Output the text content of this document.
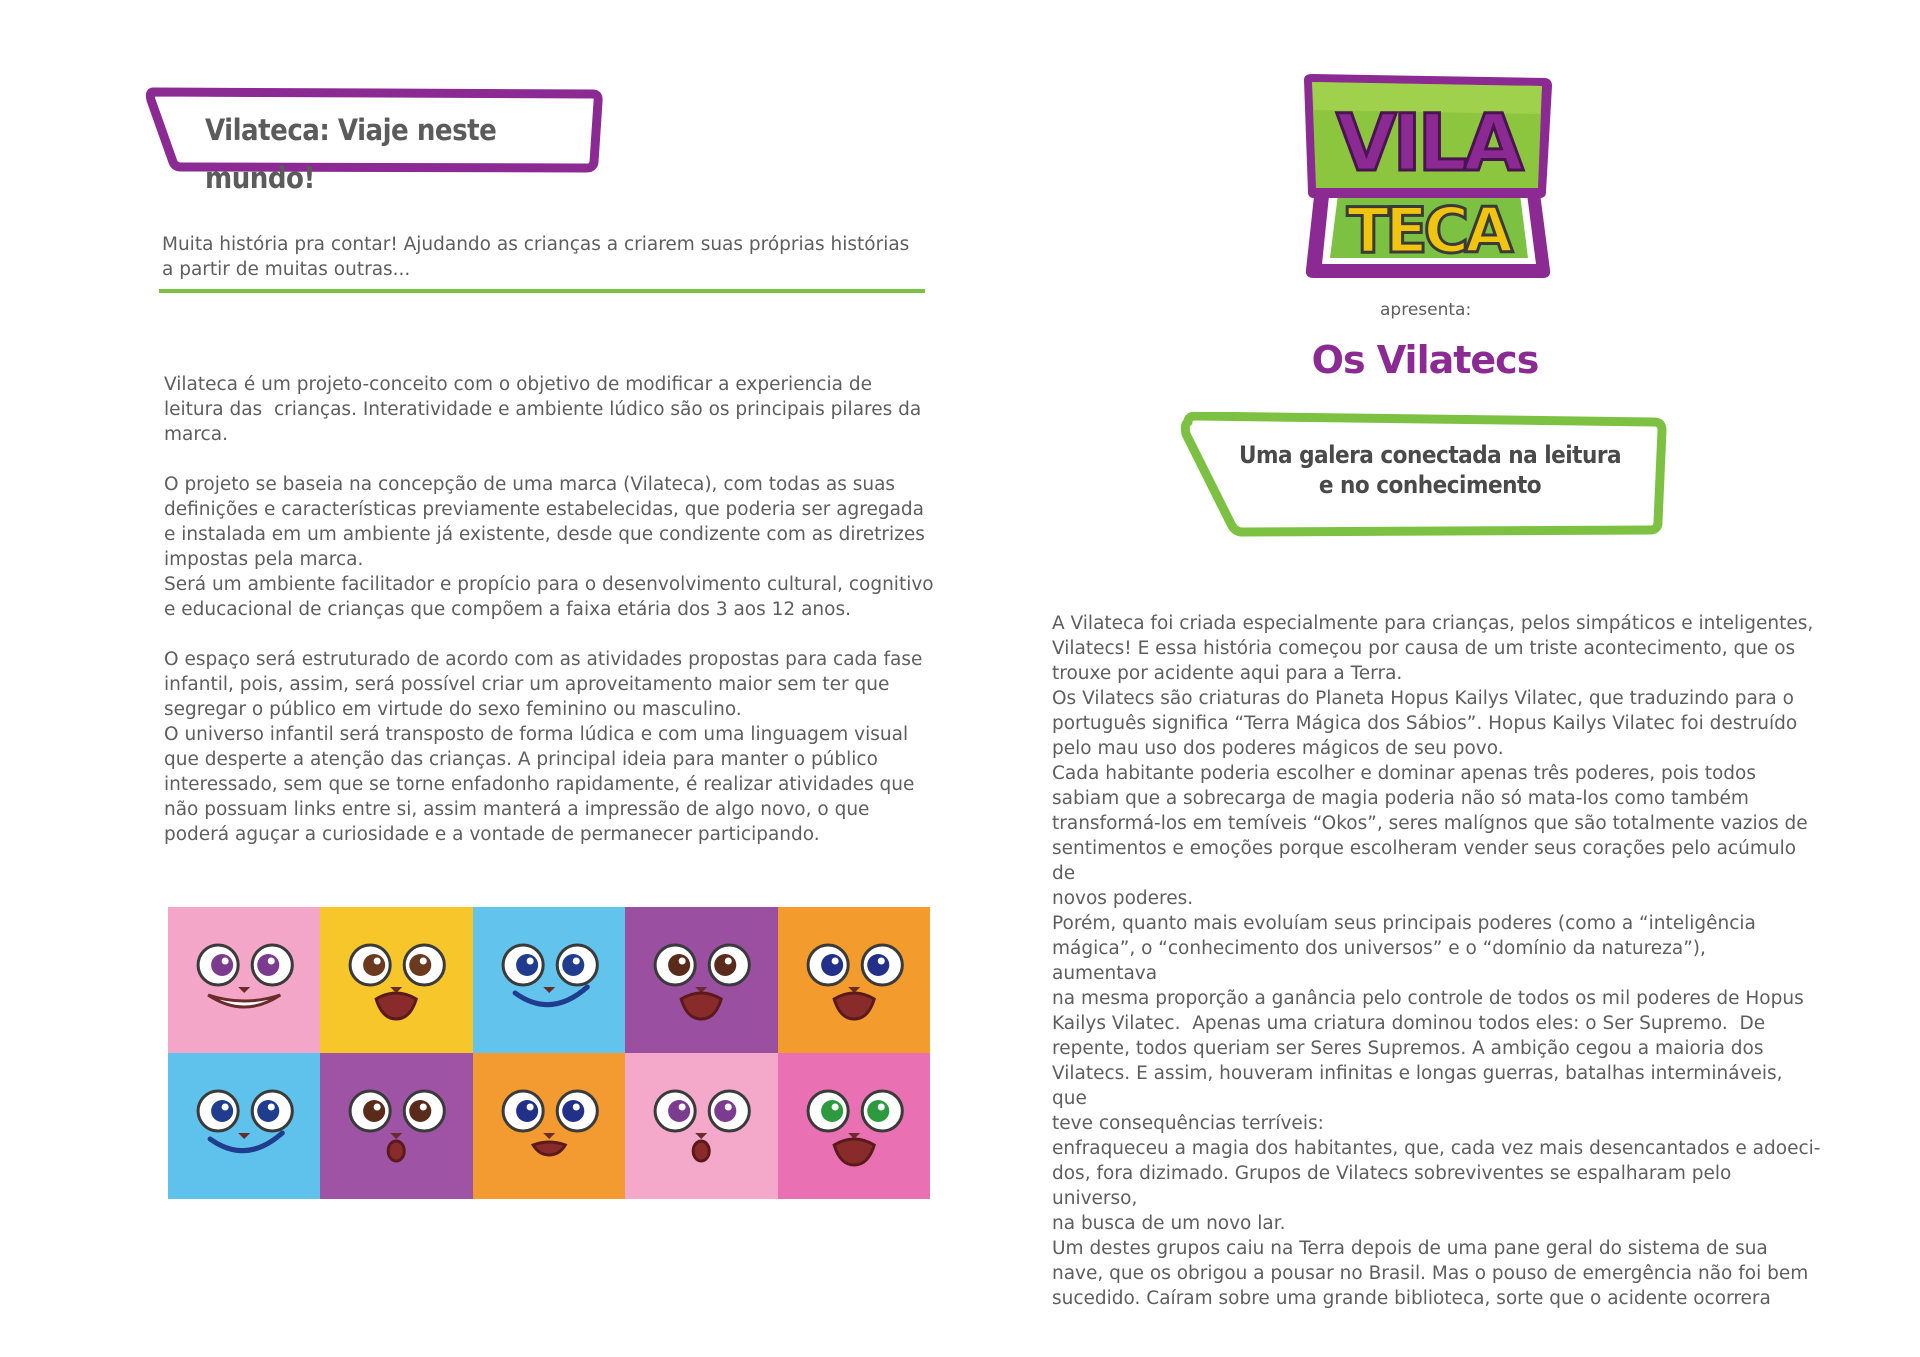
Vilateca: Viaje neste mundo!

Muita história pra contar! Ajudando as crianças a criarem suas próprias histórias
a partir de muitas outras...

Vilateca é um projeto-conceito com o objetivo de modificar a experiencia de
leitura das  crianças. Interatividade e ambiente lúdico são os principais pilares da
marca.

O projeto se baseia na concepção de uma marca (Vilateca), com todas as suas
definições e características previamente estabelecidas, que poderia ser agregada
e instalada em um ambiente já existente, desde que condizente com as diretrizes
impostas pela marca.
Será um ambiente facilitador e propício para o desenvolvimento cultural, cognitivo
e educacional de crianças que compõem a faixa etária dos 3 aos 12 anos.

O espaço será estruturado de acordo com as atividades propostas para cada fase
infantil, pois, assim, será possível criar um aproveitamento maior sem ter que
segregar o público em virtude do sexo feminino ou masculino.
O universo infantil será transposto de forma lúdica e com uma linguagem visual
que desperte a atenção das crianças. A principal ideia para manter o público
interessado, sem que se torne enfadonho rapidamente, é realizar atividades que
não possuam links entre si, assim manterá a impressão de algo novo, o que
poderá aguçar a curiosidade e a vontade de permanecer participando.

VILA
TECA
apresenta:
Os Vilatecs
Uma galera conectada na leitura
e no conhecimento

A Vilateca foi criada especialmente para crianças, pelos simpáticos e inteligentes,
Vilatecs! E essa história começou por causa de um triste acontecimento, que os
trouxe por acidente aqui para a Terra.
Os Vilatecs são criaturas do Planeta Hopus Kailys Vilatec, que traduzindo para o
português significa “Terra Mágica dos Sábios”. Hopus Kailys Vilatec foi destruído
pelo mau uso dos poderes mágicos de seu povo.
Cada habitante poderia escolher e dominar apenas três poderes, pois todos
sabiam que a sobrecarga de magia poderia não só mata-los como também
transformá-los em temíveis “Okos”, seres malígnos que são totalmente vazios de
sentimentos e emoções porque escolheram vender seus corações pelo acúmulo de
novos poderes.
Porém, quanto mais evoluíam seus principais poderes (como a “inteligência
mágica”, o “conhecimento dos universos” e o “domínio da natureza”),  aumentava
na mesma proporção a ganância pelo controle de todos os mil poderes de Hopus
Kailys Vilatec.  Apenas uma criatura dominou todos eles: o Ser Supremo.  De
repente, todos queriam ser Seres Supremos. A ambição cegou a maioria dos
Vilatecs. E assim, houveram infinitas e longas guerras, batalhas intermináveis, que
teve consequências terríveis:
enfraqueceu a magia dos habitantes, que, cada vez mais desencantados e adoeci-
dos, fora dizimado. Grupos de Vilatecs sobreviventes se espalharam pelo universo,
na busca de um novo lar.
Um destes grupos caiu na Terra depois de uma pane geral do sistema de sua
nave, que os obrigou a pousar no Brasil. Mas o pouso de emergência não foi bem
sucedido. Caíram sobre uma grande biblioteca, sorte que o acidente ocorrera
